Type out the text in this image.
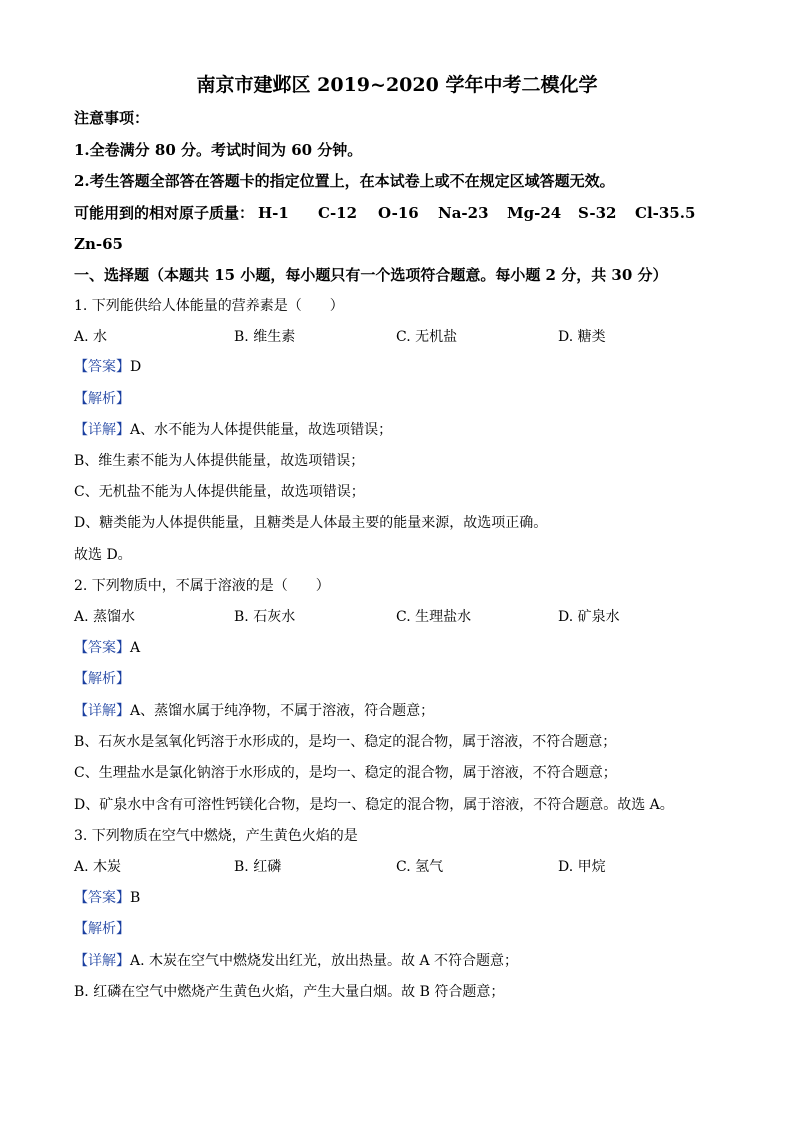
南京市建邺区 2019~2020 学年中考二模化学
注意事项：
1.全卷满分 80 分。考试时间为 60 分钟。
2.考生答题全部答在答题卡的指定位置上，在本试卷上或不在规定区域答题无效。
可能用到的相对原子质量： H-1 C-12 O-16 Na-23 Mg-24 S-32 Cl-35.5
Zn-65
一、选择题（本题共 15 小题，每小题只有一个选项符合题意。每小题 2 分，共 30 分）
1. 下列能供给人体能量的营养素是（　　）
A. 水	B. 维生素	C. 无机盐	D. 糖类
【答案】D
【解析】
【详解】A、水不能为人体提供能量，故选项错误；
B、维生素不能为人体提供能量，故选项错误；
C、无机盐不能为人体提供能量，故选项错误；
D、糖类能为人体提供能量，且糖类是人体最主要的能量来源，故选项正确。
故选 D。
2. 下列物质中，不属于溶液的是（　　）
A. 蒸馏水	B. 石灰水	C. 生理盐水	D. 矿泉水
【答案】A
【解析】
【详解】A、蒸馏水属于纯净物，不属于溶液，符合题意；
B、石灰水是氢氧化钙溶于水形成的，是均一、稳定的混合物，属于溶液，不符合题意；
C、生理盐水是氯化钠溶于水形成的，是均一、稳定的混合物，属于溶液，不符合题意；
D、矿泉水中含有可溶性钙镁化合物，是均一、稳定的混合物，属于溶液，不符合题意。故选 A。
3. 下列物质在空气中燃烧，产生黄色火焰的是
A. 木炭	B. 红磷	C. 氢气	D. 甲烷
【答案】B
【解析】
【详解】A. 木炭在空气中燃烧发出红光，放出热量。故 A 不符合题意；
B. 红磷在空气中燃烧产生黄色火焰，产生大量白烟。故 B 符合题意；
